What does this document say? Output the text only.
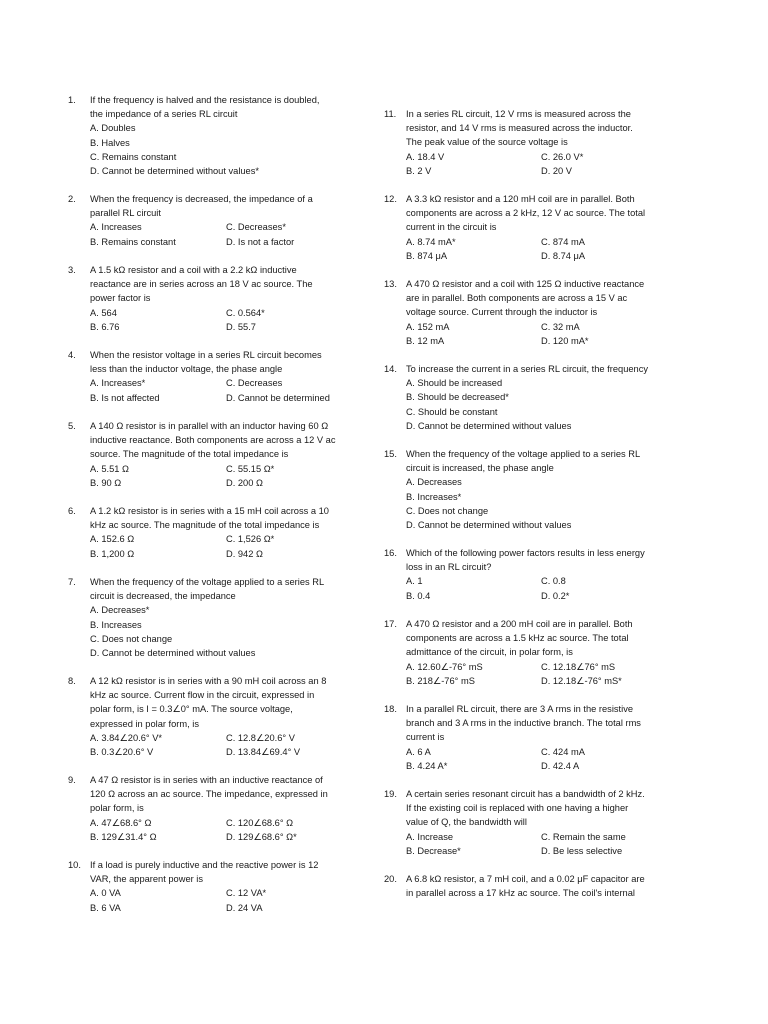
1. If the frequency is halved and the resistance is doubled,
the impedance of a series RL circuit
A. Doubles
B. Halves
C. Remains constant
D. Cannot be determined without values*
2. When the frequency is decreased, the impedance of a
parallel RL circuit
A. Increases	C. Decreases*
B. Remains constant	D. Is not a factor
3. A 1.5 kΩ resistor and a coil with a 2.2 kΩ inductive
reactance are in series across an 18 V ac source. The
power factor is
A. 564	C. 0.564*
B. 6.76	D. 55.7
4. When the resistor voltage in a series RL circuit becomes
less than the inductor voltage, the phase angle
A. Increases*	C. Decreases
B. Is not affected	D. Cannot be determined
5. A 140 Ω resistor is in parallel with an inductor having 60 Ω
inductive reactance. Both components are across a 12 V ac
source. The magnitude of the total impedance is
A. 5.51 Ω	C. 55.15 Ω*
B. 90 Ω	D. 200 Ω
6. A 1.2 kΩ resistor is in series with a 15 mH coil across a 10
kHz ac source. The magnitude of the total impedance is
A. 152.6 Ω	C. 1,526 Ω*
B. 1,200 Ω	D. 942 Ω
7. When the frequency of the voltage applied to a series RL
circuit is decreased, the impedance
A. Decreases*
B. Increases
C. Does not change
D. Cannot be determined without values
8. A 12 kΩ resistor is in series with a 90 mH coil across an 8
kHz ac source. Current flow in the circuit, expressed in
polar form, is I = 0.3∠0° mA. The source voltage,
expressed in polar form, is
A. 3.84∠20.6° V*	C. 12.8∠20.6° V
B. 0.3∠20.6° V	D. 13.84∠69.4° V
9. A 47 Ω resistor is in series with an inductive reactance of
120 Ω across an ac source. The impedance, expressed in
polar form, is
A. 47∠68.6° Ω	C. 120∠68.6° Ω
B. 129∠31.4° Ω	D. 129∠68.6° Ω*
10. If a load is purely inductive and the reactive power is 12
VAR, the apparent power is
A. 0 VA	C. 12 VA*
B. 6 VA	D. 24 VA
11. In a series RL circuit, 12 V rms is measured across the
resistor, and 14 V rms is measured across the inductor.
The peak value of the source voltage is
A. 18.4 V	C. 26.0 V*
B. 2 V	D. 20 V
12. A 3.3 kΩ resistor and a 120 mH coil are in parallel. Both
components are across a 2 kHz, 12 V ac source. The total
current in the circuit is
A. 8.74 mA*	C. 874 mA
B. 874 μA	D. 8.74 μA
13. A 470 Ω resistor and a coil with 125 Ω inductive reactance
are in parallel. Both components are across a 15 V ac
voltage source. Current through the inductor is
A. 152 mA	C. 32 mA
B. 12 mA	D. 120 mA*
14. To increase the current in a series RL circuit, the frequency
A. Should be increased
B. Should be decreased*
C. Should be constant
D. Cannot be determined without values
15. When the frequency of the voltage applied to a series RL
circuit is increased, the phase angle
A. Decreases
B. Increases*
C. Does not change
D. Cannot be determined without values
16. Which of the following power factors results in less energy
loss in an RL circuit?
A. 1	C. 0.8
B. 0.4	D. 0.2*
17. A 470 Ω resistor and a 200 mH coil are in parallel. Both
components are across a 1.5 kHz ac source. The total
admittance of the circuit, in polar form, is
A. 12.60∠-76° mS	C. 12.18∠76° mS
B. 218∠-76° mS	D. 12.18∠-76° mS*
18. In a parallel RL circuit, there are 3 A rms in the resistive
branch and 3 A rms in the inductive branch. The total rms
current is
A. 6 A	C. 424 mA
B. 4.24 A*	D. 42.4 A
19. A certain series resonant circuit has a bandwidth of 2 kHz.
If the existing coil is replaced with one having a higher
value of Q, the bandwidth will
A. Increase	C. Remain the same
B. Decrease*	D. Be less selective
20. A 6.8 kΩ resistor, a 7 mH coil, and a 0.02 μF capacitor are
in parallel across a 17 kHz ac source. The coil's internal
